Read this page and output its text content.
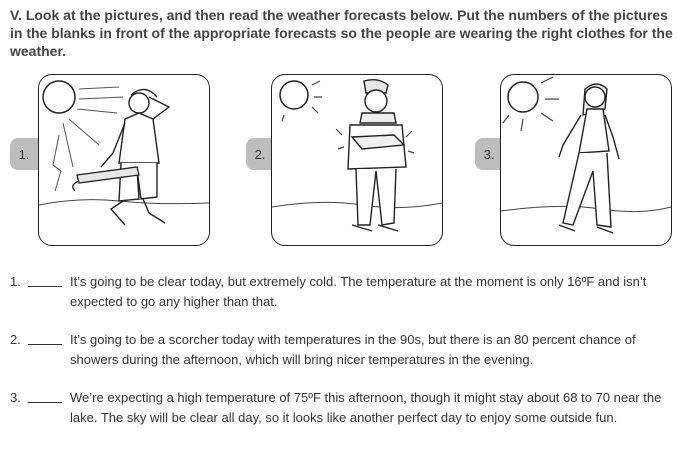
V. Look at the pictures, and then read the weather forecasts below. Put the numbers of the pictures in the blanks in front of the appropriate forecasts so the people are wearing the right clothes for the weather.
1.	2.	3.
1.	It’s going to be clear today, but extremely cold. The temperature at the moment is only 16ºF and isn’t expected to go any higher than that.
2.	It’s going to be a scorcher today with temperatures in the 90s, but there is an 80 percent chance of showers during the afternoon, which will bring nicer temperatures in the evening.
3.	We’re expecting a high temperature of 75ºF this afternoon, though it might stay about 68 to 70 near the lake. The sky will be clear all day, so it looks like another perfect day to enjoy some outside fun.
